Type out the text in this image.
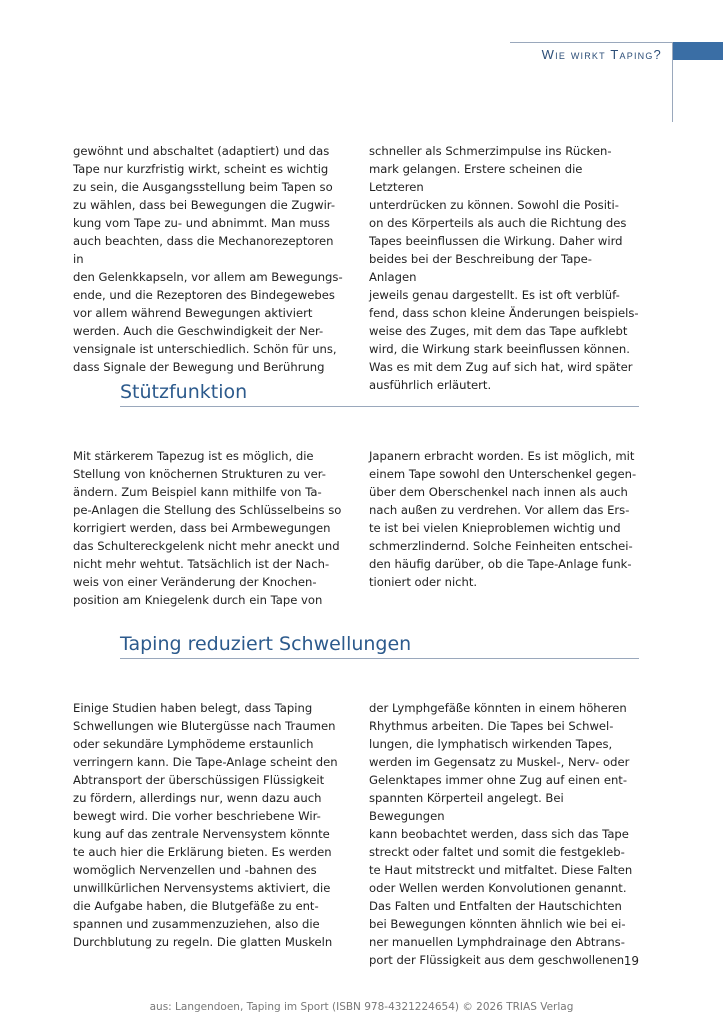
Wie wirkt Taping?

gewöhnt und abschaltet (adaptiert) und das
Tape nur kurzfristig wirkt, scheint es wichtig
zu sein, die Ausgangsstellung beim Tapen so
zu wählen, dass bei Bewegungen die Zugwir-
kung vom Tape zu- und abnimmt. Man muss
auch beachten, dass die Mechanorezeptoren in
den Gelenkkapseln, vor allem am Bewegungs-
ende, und die Rezeptoren des Bindegewebes
vor allem während Bewegungen aktiviert
werden. Auch die Geschwindigkeit der Ner-
vensignale ist unterschiedlich. Schön für uns,
dass Signale der Bewegung und Berührung

schneller als Schmerzimpulse ins Rücken-
mark gelangen. Erstere scheinen die Letzteren
unterdrücken zu können. Sowohl die Positi-
on des Körperteils als auch die Richtung des
Tapes beeinflussen die Wirkung. Daher wird
beides bei der Beschreibung der Tape-Anlagen
jeweils genau dargestellt. Es ist oft verblüf-
fend, dass schon kleine Änderungen beispiels-
weise des Zuges, mit dem das Tape aufklebt
wird, die Wirkung stark beeinflussen können.
Was es mit dem Zug auf sich hat, wird später
ausführlich erläutert.

Stützfunktion

Mit stärkerem Tapezug ist es möglich, die
Stellung von knöchernen Strukturen zu ver-
ändern. Zum Beispiel kann mithilfe von Ta-
pe-Anlagen die Stellung des Schlüsselbeins so
korrigiert werden, dass bei Armbewegungen
das Schultereckgelenk nicht mehr aneckt und
nicht mehr wehtut. Tatsächlich ist der Nach-
weis von einer Veränderung der Knochen-
position am Kniegelenk durch ein Tape von

Japanern erbracht worden. Es ist möglich, mit
einem Tape sowohl den Unterschenkel gegen-
über dem Oberschenkel nach innen als auch
nach außen zu verdrehen. Vor allem das Ers-
te ist bei vielen Knieproblemen wichtig und
schmerzlindernd. Solche Feinheiten entschei-
den häufig darüber, ob die Tape-Anlage funk-
tioniert oder nicht.

Taping reduziert Schwellungen

Einige Studien haben belegt, dass Taping
Schwellungen wie Blutergüsse nach Traumen
oder sekundäre Lymphödeme erstaunlich
verringern kann. Die Tape-Anlage scheint den
Abtransport der überschüssigen Flüssigkeit
zu fördern, allerdings nur, wenn dazu auch
bewegt wird. Die vorher beschriebene Wir-
kung auf das zentrale Nervensystem könnte
te auch hier die Erklärung bieten. Es werden
womöglich Nervenzellen und -bahnen des
unwillkürlichen Nervensystems aktiviert, die
die Aufgabe haben, die Blutgefäße zu ent-
spannen und zusammenzuziehen, also die
Durchblutung zu regeln. Die glatten Muskeln

der Lymphgefäße könnten in einem höheren
Rhythmus arbeiten. Die Tapes bei Schwel-
lungen, die lymphatisch wirkenden Tapes,
werden im Gegensatz zu Muskel-, Nerv- oder
Gelenktapes immer ohne Zug auf einen ent-
spannten Körperteil angelegt. Bei Bewegungen
kann beobachtet werden, dass sich das Tape
streckt oder faltet und somit die festgekleb-
te Haut mitstreckt und mitfaltet. Diese Falten
oder Wellen werden Konvolutionen genannt.
Das Falten und Entfalten der Hautschichten
bei Bewegungen könnten ähnlich wie bei ei-
ner manuellen Lymphdrainage den Abtrans-
port der Flüssigkeit aus dem geschwollenen 19
aus: Langendoen, Taping im Sport (ISBN 978-4321224654) © 2026 TRIAS Verlag
